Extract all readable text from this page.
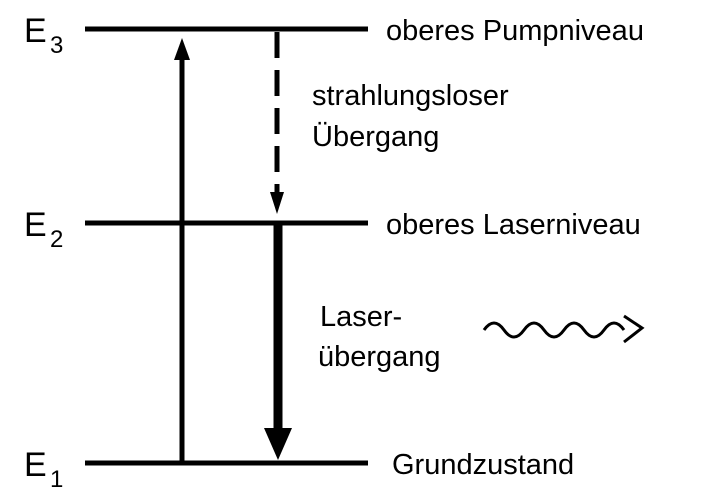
E 3
E 2
E 1
oberes Pumpniveau
oberes Laserniveau
Grundzustand
strahlungsloser
Übergang
Laser-
übergang
